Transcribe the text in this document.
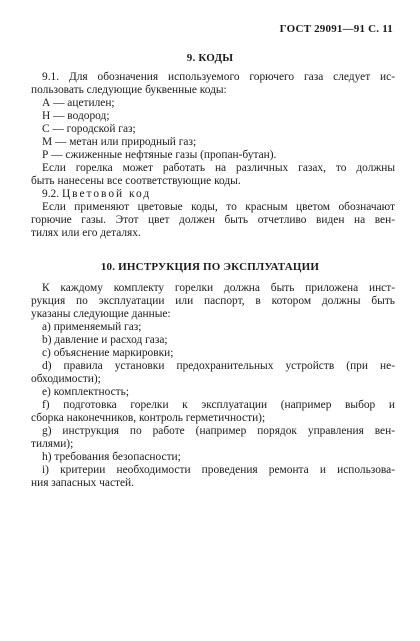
ГОСТ 29091—91 С. 11
9. КОДЫ
9.1. Для обозначения используемого горючего газа следует ис-
пользовать следующие буквенные коды:
А — ацетилен;
Н — водород;
С — городской газ;
М — метан или природный газ;
Р — сжиженные нефтяные газы (пропан-бутан).
Если горелка может работать на различных газах, то должны
быть нанесены все соответствующие коды.
9.2. Цветовой код
Если применяют цветовые коды, то красным цветом обозначают
горючие газы. Этот цвет должен быть отчетливо виден на вен-
тилях или его деталях.
10. ИНСТРУКЦИЯ ПО ЭКСПЛУАТАЦИИ
К каждому комплекту горелки должна быть приложена инст-
рукция по эксплуатации или паспорт, в котором должны быть
указаны следующие данные:
a) применяемый газ;
b) давление и расход газа;
c) объяснение маркировки;
d) правила установки предохранительных устройств (при не-
обходимости);
e) комплектность;
f) подготовка горелки к эксплуатации (например выбор и
сборка наконечников, контроль герметичности);
g) инструкция по работе (например порядок управления вен-
тилями);
h) требования безопасности;
i) критерии необходимости проведения ремонта и использова-
ния запасных частей.
